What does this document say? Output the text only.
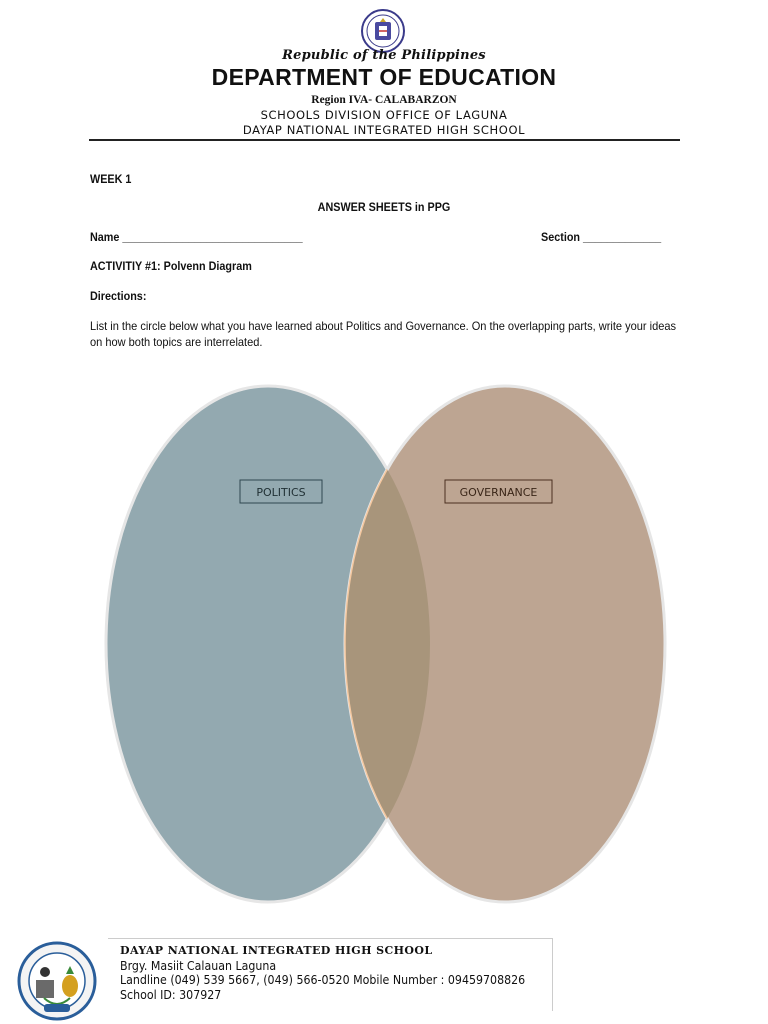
Republic of the Philippines
DEPARTMENT OF EDUCATION
Region IVA- CALABARZON
SCHOOLS DIVISION OFFICE OF LAGUNA
DAYAP NATIONAL INTEGRATED HIGH SCHOOL
WEEK 1
ANSWER SHEETS in PPG
Name ______________________________	Section _____________
ACTIVITIY #1: Polvenn Diagram
Directions:
List in the circle below what you have learned about Politics and Governance. On the overlapping parts, write your ideas on how both topics are interrelated.
POLITICS	GOVERNANCE
DAYAP NATIONAL INTEGRATED HIGH SCHOOL
Brgy. Masiit Calauan Laguna
Landline (049) 539 5667, (049) 566-0520 Mobile Number : 09459708826
School ID: 307927
